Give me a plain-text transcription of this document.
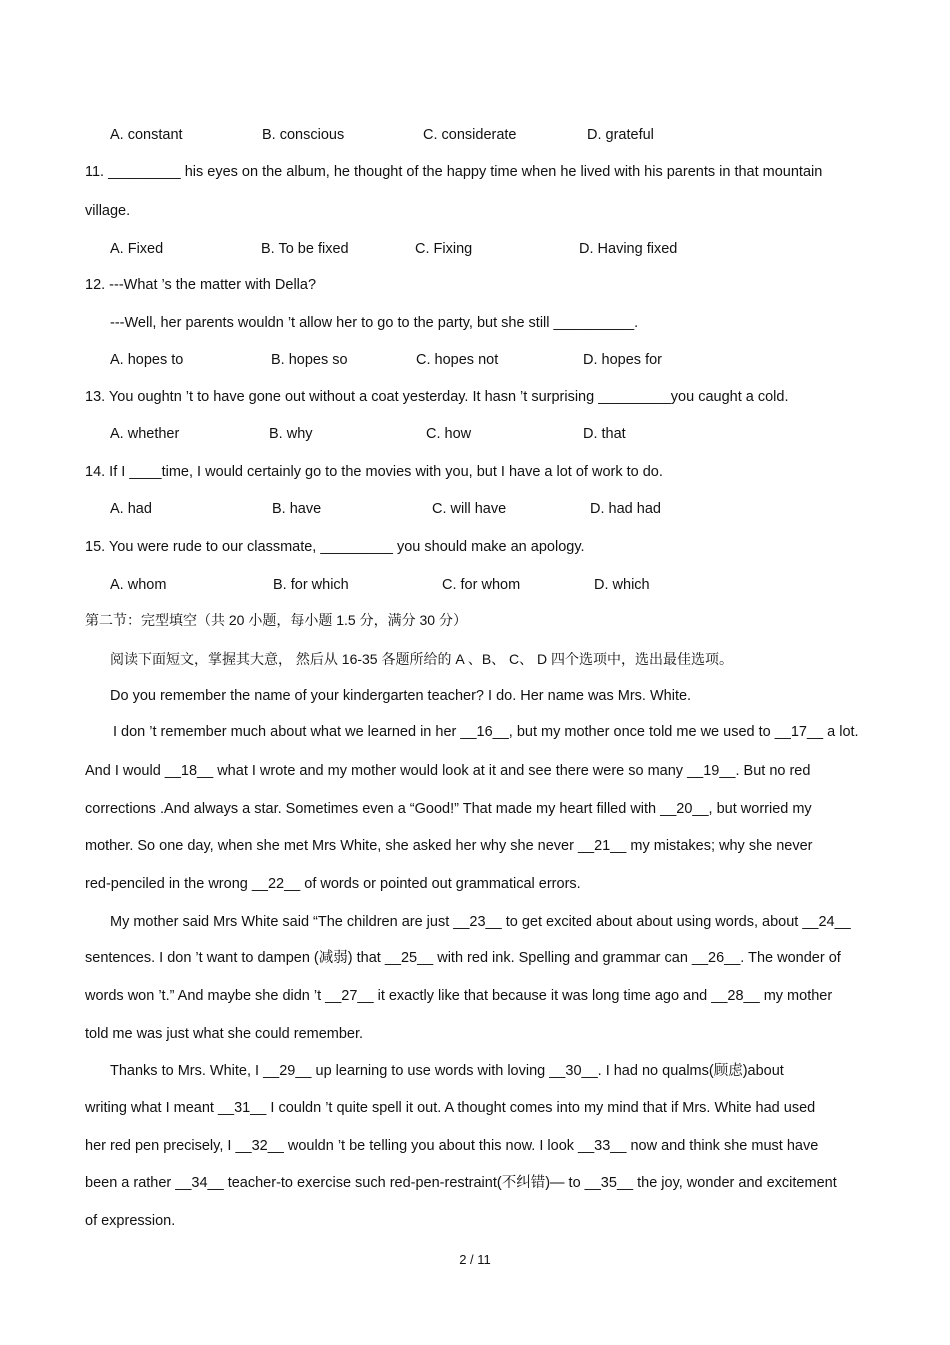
A. constant	B. conscious	C. considerate	D. grateful
11. _________ his eyes on the album, he thought of the happy time when he lived with his parents in that mountain
village.
A. Fixed	B. To be fixed	C. Fixing	D. Having fixed
12. ---What ’s the matter with Della?
---Well, her parents wouldn ’t allow her to go to the party, but she still __________.
A. hopes to	B. hopes so	C. hopes not	D. hopes for
13. You oughtn ’t to have gone out without a coat yesterday. It hasn ’t surprising _________you caught a cold.
A. whether	B. why	C. how	D. that
14. If I ____time, I would certainly go to the movies with you, but I have a lot of work to do.
A. had	B. have	C. will have	D. had had
15. You were rude to our classmate, _________ you should make an apology.
A. whom	B. for which	C. for whom	D. which
第二节：完型填空（共 20 小题，每小题 1.5 分，满分 30 分）
阅读下面短文，掌握其大意， 然后从 16-35 各题所给的 A 、B、 C、 D 四个选项中，选出最佳选项。
Do you remember the name of your kindergarten teacher? I do. Her name was Mrs. White.
I don ’t remember much about what we learned in her __16__, but my mother once told me we used to __17__ a lot.
And I would __18__ what I wrote and my mother would look at it and see there were so many __19__. But no red
corrections .And always a star. Sometimes even a “Good!” That made my heart filled with __20__, but worried my
mother. So one day, when she met Mrs White, she asked her why she never __21__ my mistakes; why she never
red-penciled in the wrong __22__ of words or pointed out grammatical errors.
My mother said Mrs White said “The children are just __23__ to get excited about about using words, about __24__
sentences. I don ’t want to dampen (减弱) that __25__ with red ink. Spelling and grammar can __26__. The wonder of
words won ’t.” And maybe she didn ’t __27__ it exactly like that because it was long time ago and __28__ my mother
told me was just what she could remember.
Thanks to Mrs. White, I __29__ up learning to use words with loving __30__. I had no qualms(顾虑)about
writing what I meant __31__ I couldn ’t quite spell it out. A thought comes into my mind that if Mrs. White had used
her red pen precisely, I __32__ wouldn ’t be telling you about this now. I look __33__ now and think she must have
been a rather __34__ teacher-to exercise such red-pen-restraint(不纠错)— to __35__ the joy, wonder and excitement
of expression.
2 / 11
